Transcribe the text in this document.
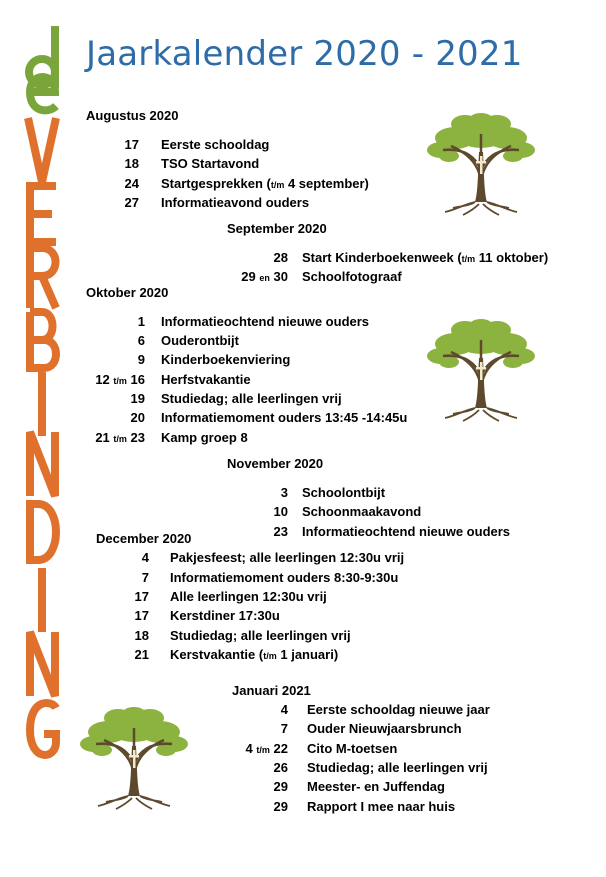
Jaarkalender 2020 - 2021
Augustus 2020
17 Eerste schooldag
18 TSO Startavond
24 Startgesprekken (t/m 4 september)
27 Informatieavond ouders
September 2020
28 Start Kinderboekenweek (t/m 11 oktober)
29 en 30 Schoolfotograaf
Oktober 2020
1 Informatieochtend nieuwe ouders
6 Ouderontbijt
9 Kinderboekenviering
12 t/m 16 Herfstvakantie
19 Studiedag; alle leerlingen vrij
20 Informatiemoment ouders 13:45 -14:45u
21 t/m 23 Kamp groep 8
November 2020
3 Schoolontbijt
10 Schoonmaakavond
23 Informatieochtend nieuwe ouders
December 2020
4 Pakjesfeest; alle leerlingen 12:30u vrij
7 Informatiemoment ouders 8:30-9:30u
17 Alle leerlingen 12:30u vrij
17 Kerstdiner 17:30u
18 Studiedag; alle leerlingen vrij
21 Kerstvakantie (t/m 1 januari)
Januari 2021
4 Eerste schooldag nieuwe jaar
7 Ouder Nieuwjaarsbrunch
4 t/m 22 Cito M-toetsen
26 Studiedag; alle leerlingen vrij
29 Meester- en Juffendag
29 Rapport I mee naar huis
